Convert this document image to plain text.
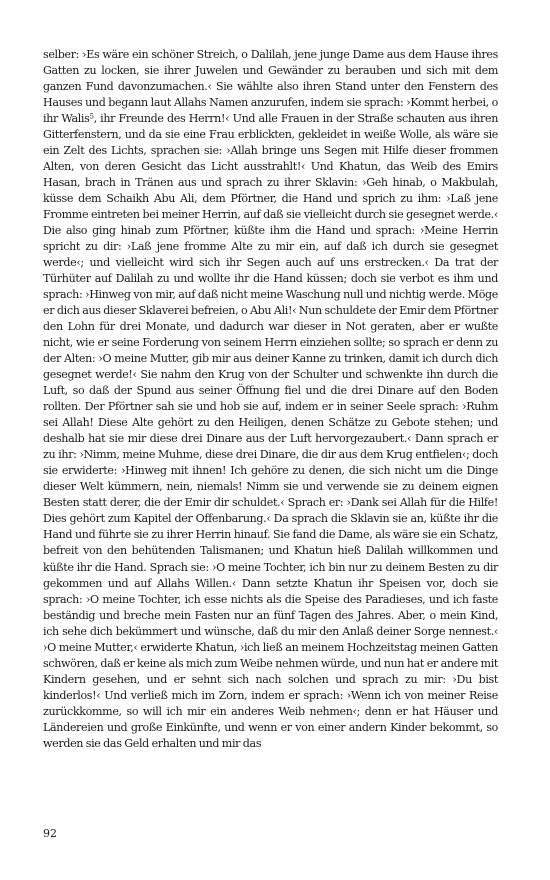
selber: ›Es wäre ein schöner Streich, o Dalilah, jene junge Dame aus dem Hause ihres Gatten zu locken, sie ihrer Juwelen und Gewänder zu berauben und sich mit dem ganzen Fund davonzumachen.‹ Sie wählte also ihren Stand unter den Fenstern des Hauses und begann laut Allahs Namen anzurufen, indem sie sprach: ›Kommt herbei, o ihr Walis$^5$, ihr Freunde des Herrn!‹ Und alle Frauen in der Straße schauten aus ihren Gitterfenstern, und da sie eine Frau erblickten, gekleidet in weiße Wolle, als wäre sie ein Zelt des Lichts, sprachen sie: ›Allah bringe uns Segen mit Hilfe dieser frommen Alten, von deren Gesicht das Licht ausstrahlt!‹ Und Khatun, das Weib des Emirs Hasan, brach in Tränen aus und sprach zu ihrer Sklavin: ›Geh hinab, o Makbulah, küsse dem Schaikh Abu Ali, dem Pförtner, die Hand und sprich zu ihm: ›Laß jene Fromme eintreten bei meiner Herrin, auf daß sie vielleicht durch sie gesegnet werde.‹ Die also ging hinab zum Pförtner, küßte ihm die Hand und sprach: ›Meine Herrin spricht zu dir: ›Laß jene fromme Alte zu mir ein, auf daß ich durch sie gesegnet werde‹; und vielleicht wird sich ihr Segen auch auf uns erstrecken.‹ Da trat der Türhüter auf Dalilah zu und wollte ihr die Hand küssen; doch sie verbot es ihm und sprach: ›Hinweg von mir, auf daß nicht meine Waschung null und nichtig werde. Möge er dich aus dieser Sklaverei befreien, o Abu Ali!‹ Nun schuldete der Emir dem Pförtner den Lohn für drei Monate, und dadurch war dieser in Not geraten, aber er wußte nicht, wie er seine Forderung von seinem Herrn einziehen sollte; so sprach er denn zu der Alten: ›O meine Mutter, gib mir aus deiner Kanne zu trinken, damit ich durch dich gesegnet werde!‹ Sie nahm den Krug von der Schulter und schwenkte ihn durch die Luft, so daß der Spund aus seiner Öffnung fiel und die drei Dinare auf den Boden rollten. Der Pförtner sah sie und hob sie auf, indem er in seiner Seele sprach: ›Ruhm sei Allah! Diese Alte gehört zu den Heiligen, denen Schätze zu Gebote stehen; und deshalb hat sie mir diese drei Dinare aus der Luft hervorgezaubert.‹ Dann sprach er zu ihr: ›Nimm, meine Muhme, diese drei Dinare, die dir aus dem Krug entfielen‹; doch sie erwiderte: ›Hinweg mit ihnen! Ich gehöre zu denen, die sich nicht um die Dinge dieser Welt kümmern, nein, niemals! Nimm sie und verwende sie zu deinem eignen Besten statt derer, die der Emir dir schuldet.‹ Sprach er: ›Dank sei Allah für die Hilfe! Dies gehört zum Kapitel der Offenbarung.‹ Da sprach die Sklavin sie an, küßte ihr die Hand und führte sie zu ihrer Herrin hinauf. Sie fand die Dame, als wäre sie ein Schatz, befreit von den behütenden Talismanen; und Khatun hieß Dalilah willkommen und küßte ihr die Hand. Sprach sie: ›O meine Tochter, ich bin nur zu deinem Besten zu dir gekommen und auf Allahs Willen.‹ Dann setzte Khatun ihr Speisen vor, doch sie sprach: ›O meine Tochter, ich esse nichts als die Speise des Paradieses, und ich faste beständig und breche mein Fasten nur an fünf Tagen des Jahres. Aber, o mein Kind, ich sehe dich bekümmert und wünsche, daß du mir den Anlaß deiner Sorge nennest.‹ ›O meine Mutter,‹ erwiderte Khatun, ›ich ließ an meinem Hochzeitstag meinen Gatten schwören, daß er keine als mich zum Weibe nehmen würde, und nun hat er andere mit Kindern gesehen, und er sehnt sich nach solchen und sprach zu mir: ›Du bist kinderlos!‹ Und verließ mich im Zorn, indem er sprach: ›Wenn ich von meiner Reise zurückkomme, so will ich mir ein anderes Weib nehmen‹; denn er hat Häuser und Ländereien und große Einkünfte, und wenn er von einer andern Kinder bekommt, so werden sie das Geld erhalten und mir das

92
